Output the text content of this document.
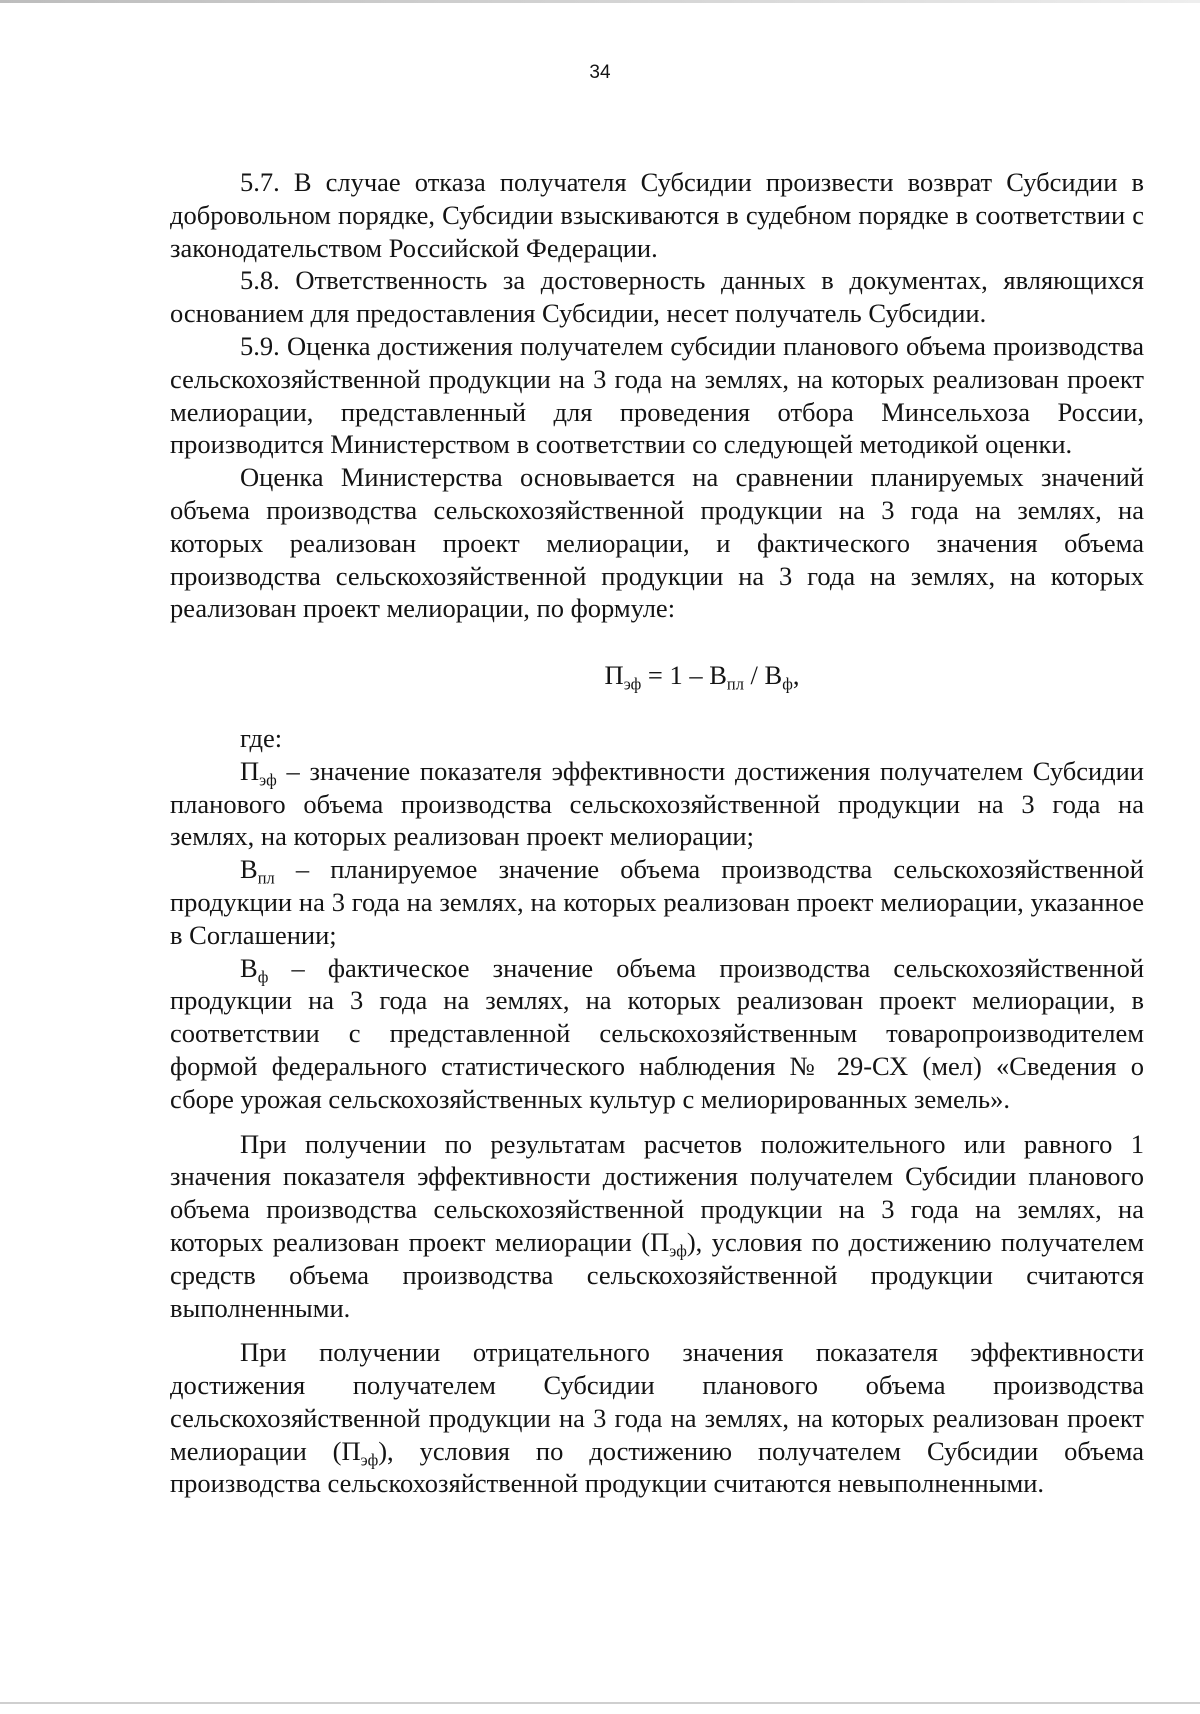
34

5.7. В случае отказа получателя Субсидии произвести возврат Субсидии в добровольном порядке, Субсидии взыскиваются в судебном порядке в соответствии с законодательством Российской Федерации.

5.8. Ответственность за достоверность данных в документах, являющихся основанием для предоставления Субсидии, несет получатель Субсидии.

5.9. Оценка достижения получателем субсидии планового объема производства сельскохозяйственной продукции на 3 года на землях, на которых реализован проект мелиорации, представленный для проведения отбора Минсельхоза России, производится Министерством в соответствии со следующей методикой оценки.

Оценка Министерства основывается на сравнении планируемых значений объема производства сельскохозяйственной продукции на 3 года на землях, на которых реализован проект мелиорации, и фактического значения объема производства сельскохозяйственной продукции на 3 года на землях, на которых реализован проект мелиорации, по формуле:

$П_{эф} = 1 - В_{пл} / В_ф$,

где:

$П_{эф}$ – значение показателя эффективности достижения получателем Субсидии планового объема производства сельскохозяйственной продукции на 3 года на землях, на которых реализован проект мелиорации;

$В_{пл}$ – планируемое значение объема производства сельскохозяйственной продукции на 3 года на землях, на которых реализован проект мелиорации, указанное в Соглашении;

$В_ф$ – фактическое значение объема производства сельскохозяйственной продукции на 3 года на землях, на которых реализован проект мелиорации, в соответствии с представленной сельскохозяйственным товаропроизводителем формой федерального статистического наблюдения № 29-СХ (мел) «Сведения о сборе урожая сельскохозяйственных культур с мелиорированных земель».

При получении по результатам расчетов положительного или равного 1 значения показателя эффективности достижения получателем Субсидии планового объема производства сельскохозяйственной продукции на 3 года на землях, на которых реализован проект мелиорации $(П_{эф})$, условия по достижению получателем средств объема производства сельскохозяйственной продукции считаются выполненными.

При получении отрицательного значения показателя эффективности достижения получателем Субсидии планового объема производства сельскохозяйственной продукции на 3 года на землях, на которых реализован проект мелиорации $(П_{эф})$, условия по достижению получателем Субсидии объема производства сельскохозяйственной продукции считаются невыполненными.
